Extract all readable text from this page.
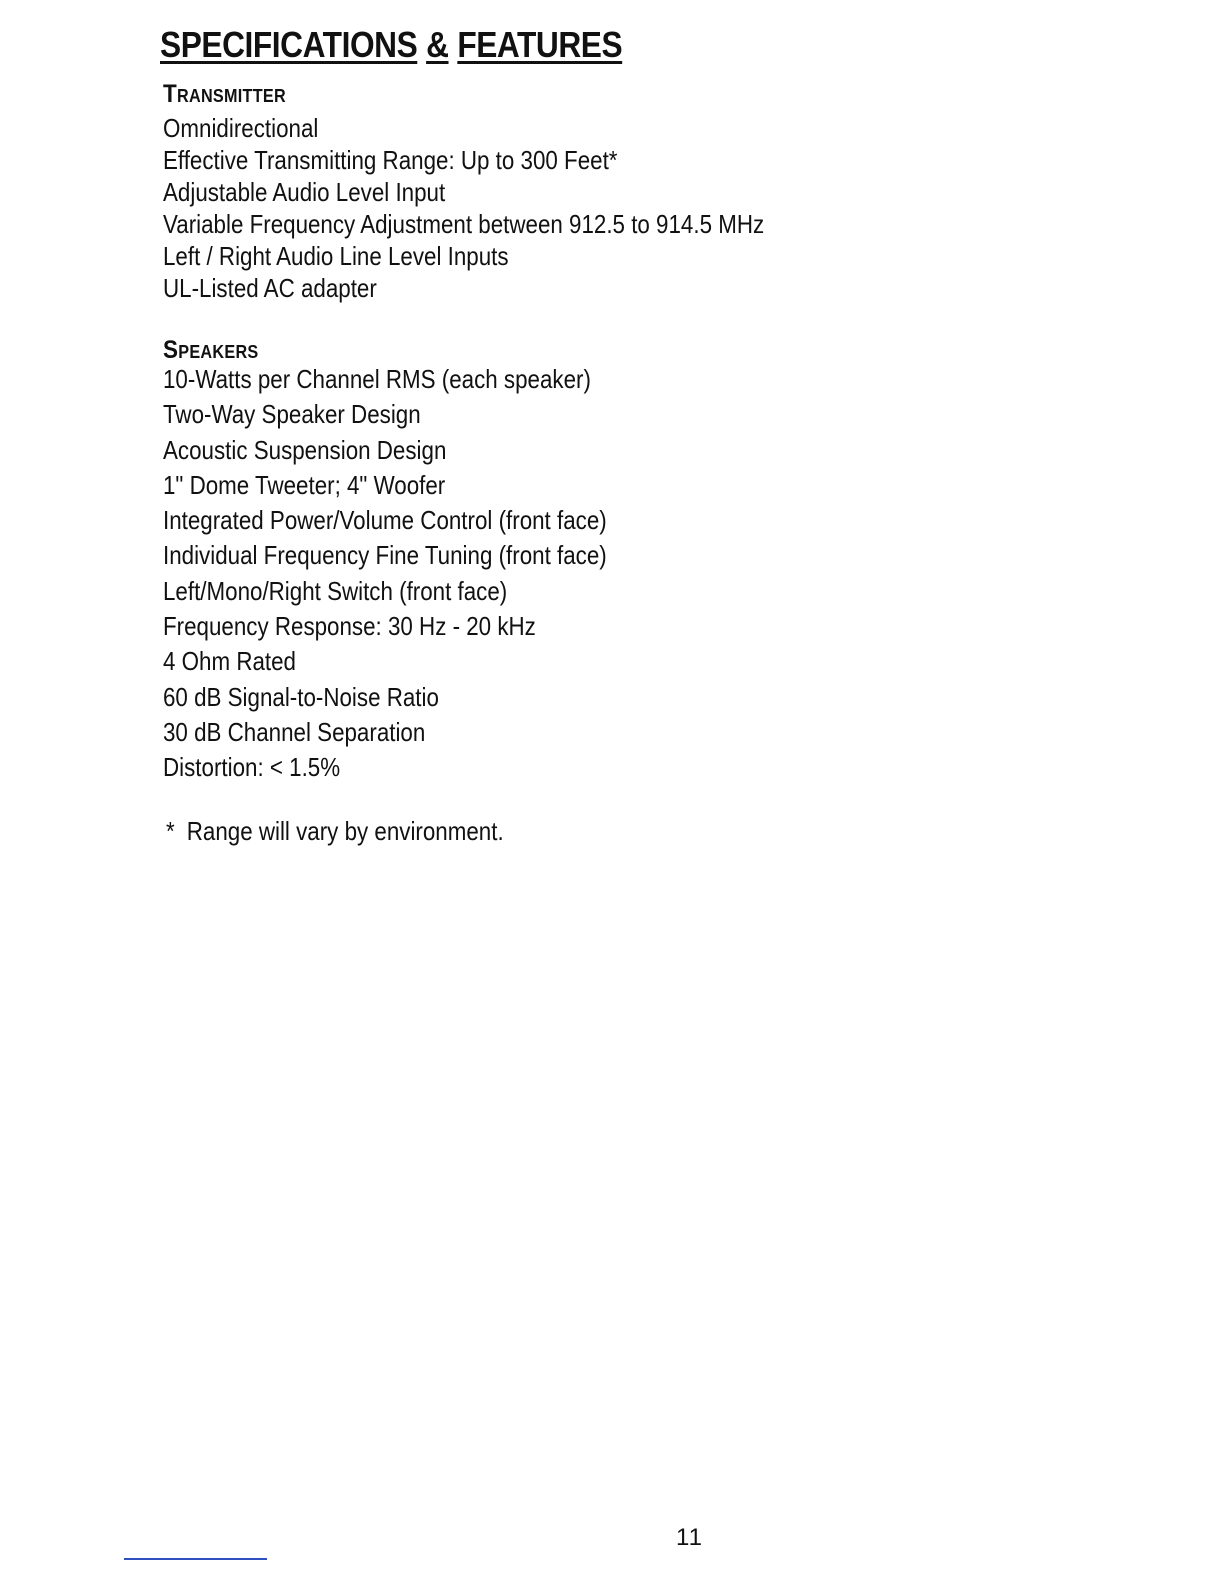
SPECIFICATIONS & FEATURES
Transmitter
Omnidirectional
Effective Transmitting Range: Up to 300 Feet*
Adjustable Audio Level Input
Variable Frequency Adjustment between 912.5 to 914.5 MHz
Left / Right Audio Line Level Inputs
UL-Listed AC adapter
Speakers
10-Watts per Channel RMS (each speaker)
Two-Way Speaker Design
Acoustic Suspension Design
1" Dome Tweeter; 4" Woofer
Integrated Power/Volume Control (front face)
Individual Frequency Fine Tuning (front face)
Left/Mono/Right Switch (front face)
Frequency Response: 30 Hz - 20 kHz
4 Ohm Rated
60 dB Signal-to-Noise Ratio
30 dB Channel Separation
Distortion: < 1.5%

* Range will vary by environment.

11
